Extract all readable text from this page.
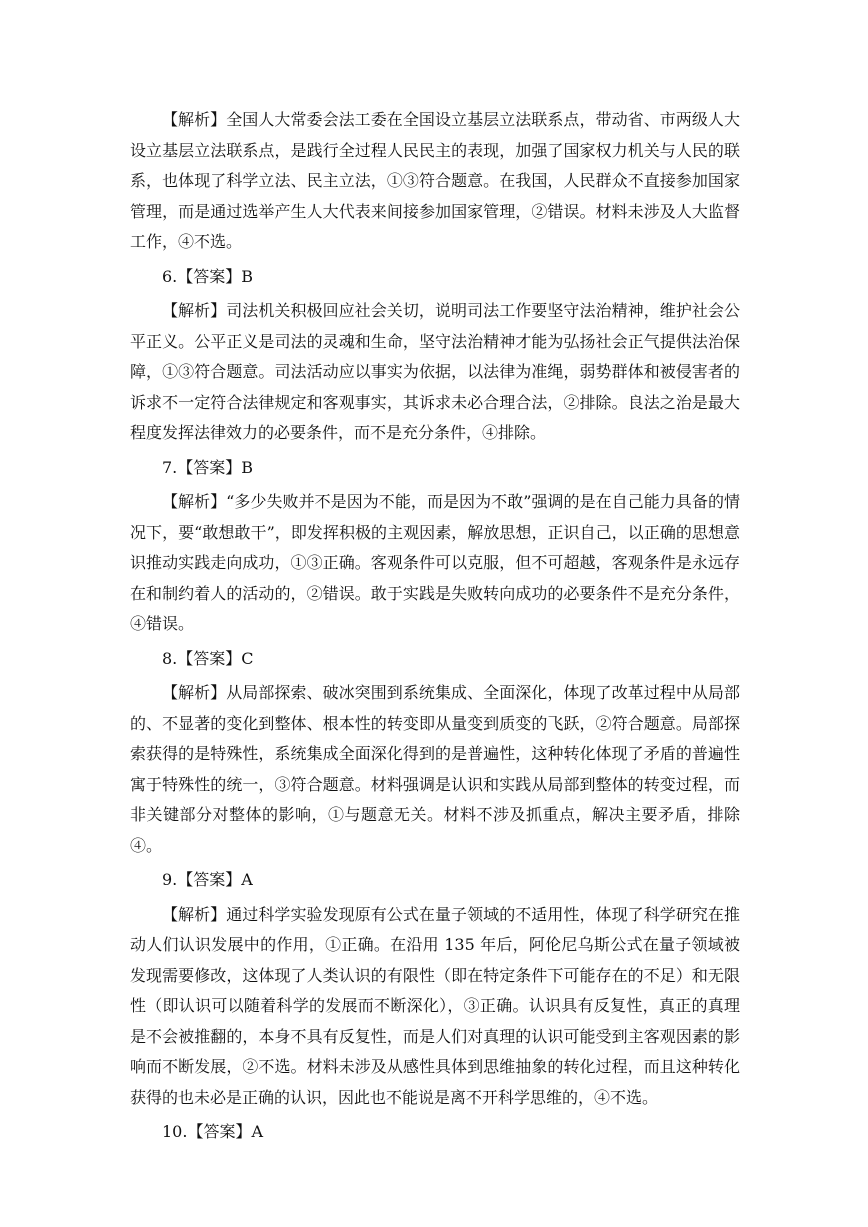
【解析】全国人大常委会法工委在全国设立基层立法联系点，带动省、市两级人大设立基层立法联系点，是践行全过程人民民主的表现，加强了国家权力机关与人民的联系，也体现了科学立法、民主立法，①③符合题意。在我国，人民群众不直接参加国家管理，而是通过选举产生人大代表来间接参加国家管理，②错误。材料未涉及人大监督工作，④不选。

6.【答案】B

【解析】司法机关积极回应社会关切，说明司法工作要坚守法治精神，维护社会公平正义。公平正义是司法的灵魂和生命，坚守法治精神才能为弘扬社会正气提供法治保障，①③符合题意。司法活动应以事实为依据，以法律为准绳，弱势群体和被侵害者的诉求不一定符合法律规定和客观事实，其诉求未必合理合法，②排除。良法之治是最大程度发挥法律效力的必要条件，而不是充分条件，④排除。

7.【答案】B

【解析】“多少失败并不是因为不能，而是因为不敢”强调的是在自己能力具备的情况下，要“敢想敢干”，即发挥积极的主观因素，解放思想，正识自己，以正确的思想意识推动实践走向成功，①③正确。客观条件可以克服，但不可超越，客观条件是永远存在和制约着人的活动的，②错误。敢于实践是失败转向成功的必要条件不是充分条件，④错误。

8.【答案】C

【解析】从局部探索、破冰突围到系统集成、全面深化，体现了改革过程中从局部的、不显著的变化到整体、根本性的转变即从量变到质变的飞跃，②符合题意。局部探索获得的是特殊性，系统集成全面深化得到的是普遍性，这种转化体现了矛盾的普遍性寓于特殊性的统一，③符合题意。材料强调是认识和实践从局部到整体的转变过程，而非关键部分对整体的影响，①与题意无关。材料不涉及抓重点，解决主要矛盾，排除④。

9.【答案】A

【解析】通过科学实验发现原有公式在量子领域的不适用性，体现了科学研究在推动人们认识发展中的作用，①正确。在沿用 135 年后，阿伦尼乌斯公式在量子领域被发现需要修改，这体现了人类认识的有限性（即在特定条件下可能存在的不足）和无限性（即认识可以随着科学的发展而不断深化），③正确。认识具有反复性，真正的真理是不会被推翻的，本身不具有反复性，而是人们对真理的认识可能受到主客观因素的影响而不断发展，②不选。材料未涉及从感性具体到思维抽象的转化过程，而且这种转化获得的也未必是正确的认识，因此也不能说是离不开科学思维的，④不选。

10.【答案】A
